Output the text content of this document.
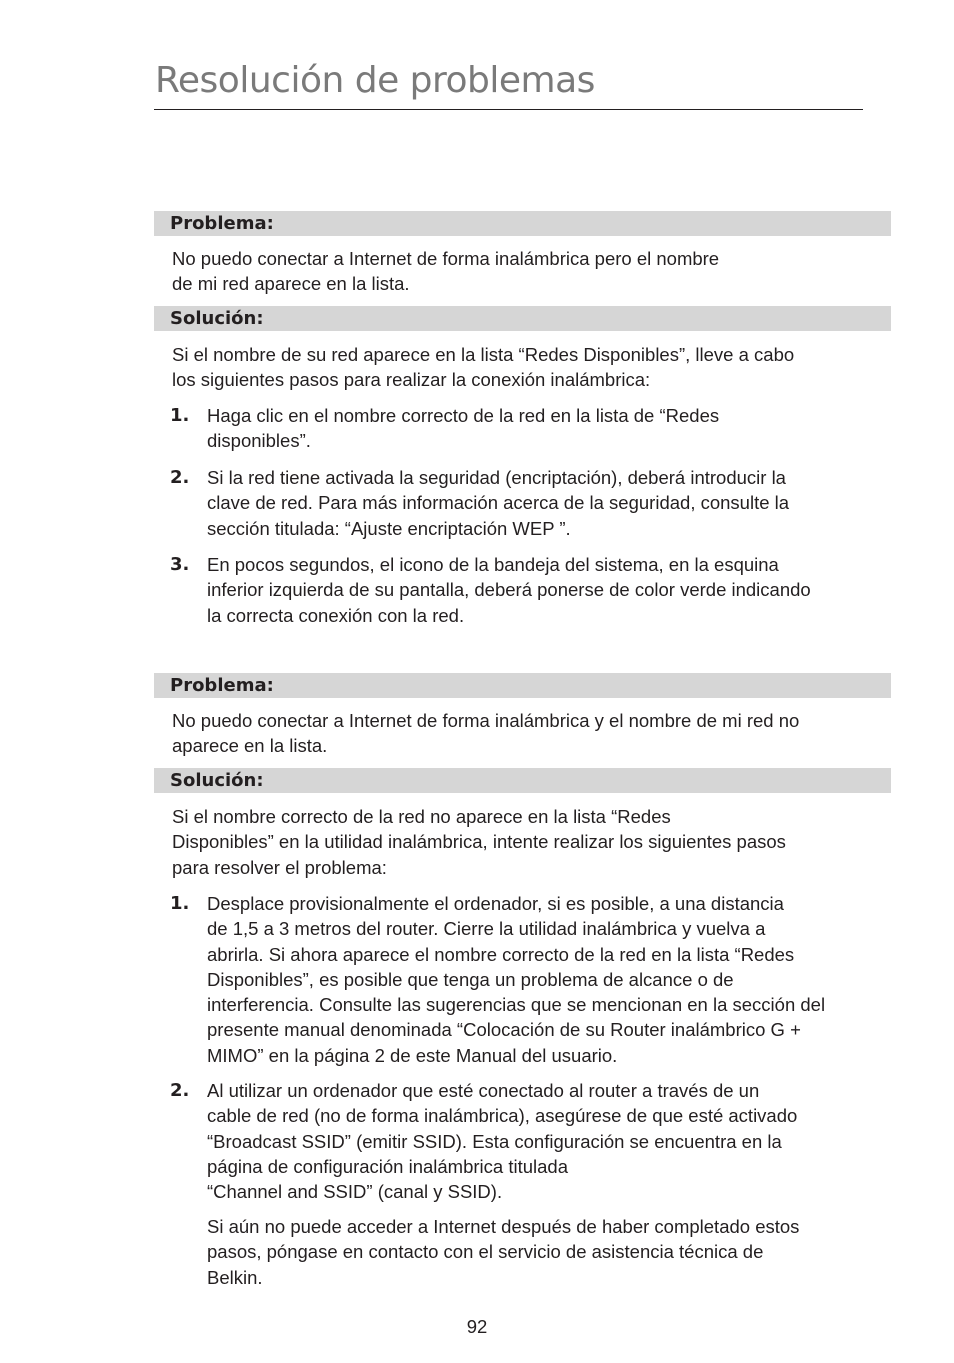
Resolución de problemas
Problema:
No puedo conectar a Internet de forma inalámbrica pero el nombre
de mi red aparece en la lista.
Solución:
Si el nombre de su red aparece en la lista “Redes Disponibles”, lleve a cabo
los siguientes pasos para realizar la conexión inalámbrica:
1. Haga clic en el nombre correcto de la red en la lista de “Redes
disponibles”.
2. Si la red tiene activada la seguridad (encriptación), deberá introducir la
clave de red. Para más información acerca de la seguridad, consulte la
sección titulada: “Ajuste encriptación WEP ”.
3. En pocos segundos, el icono de la bandeja del sistema, en la esquina
inferior izquierda de su pantalla, deberá ponerse de color verde indicando
la correcta conexión con la red.
Problema:
No puedo conectar a Internet de forma inalámbrica y el nombre de mi red no
aparece en la lista.
Solución:
Si el nombre correcto de la red no aparece en la lista “Redes
Disponibles” en la utilidad inalámbrica, intente realizar los siguientes pasos
para resolver el problema:
1. Desplace provisionalmente el ordenador, si es posible, a una distancia
de 1,5 a 3 metros del router. Cierre la utilidad inalámbrica y vuelva a
abrirla. Si ahora aparece el nombre correcto de la red en la lista “Redes
Disponibles”, es posible que tenga un problema de alcance o de
interferencia. Consulte las sugerencias que se mencionan en la sección del
presente manual denominada “Colocación de su Router inalámbrico G +
MIMO” en la página 2 de este Manual del usuario.
2. Al utilizar un ordenador que esté conectado al router a través de un
cable de red (no de forma inalámbrica), asegúrese de que esté activado
“Broadcast SSID” (emitir SSID). Esta configuración se encuentra en la
página de configuración inalámbrica titulada
“Channel and SSID” (canal y SSID).
Si aún no puede acceder a Internet después de haber completado estos
pasos, póngase en contacto con el servicio de asistencia técnica de
Belkin.
92
